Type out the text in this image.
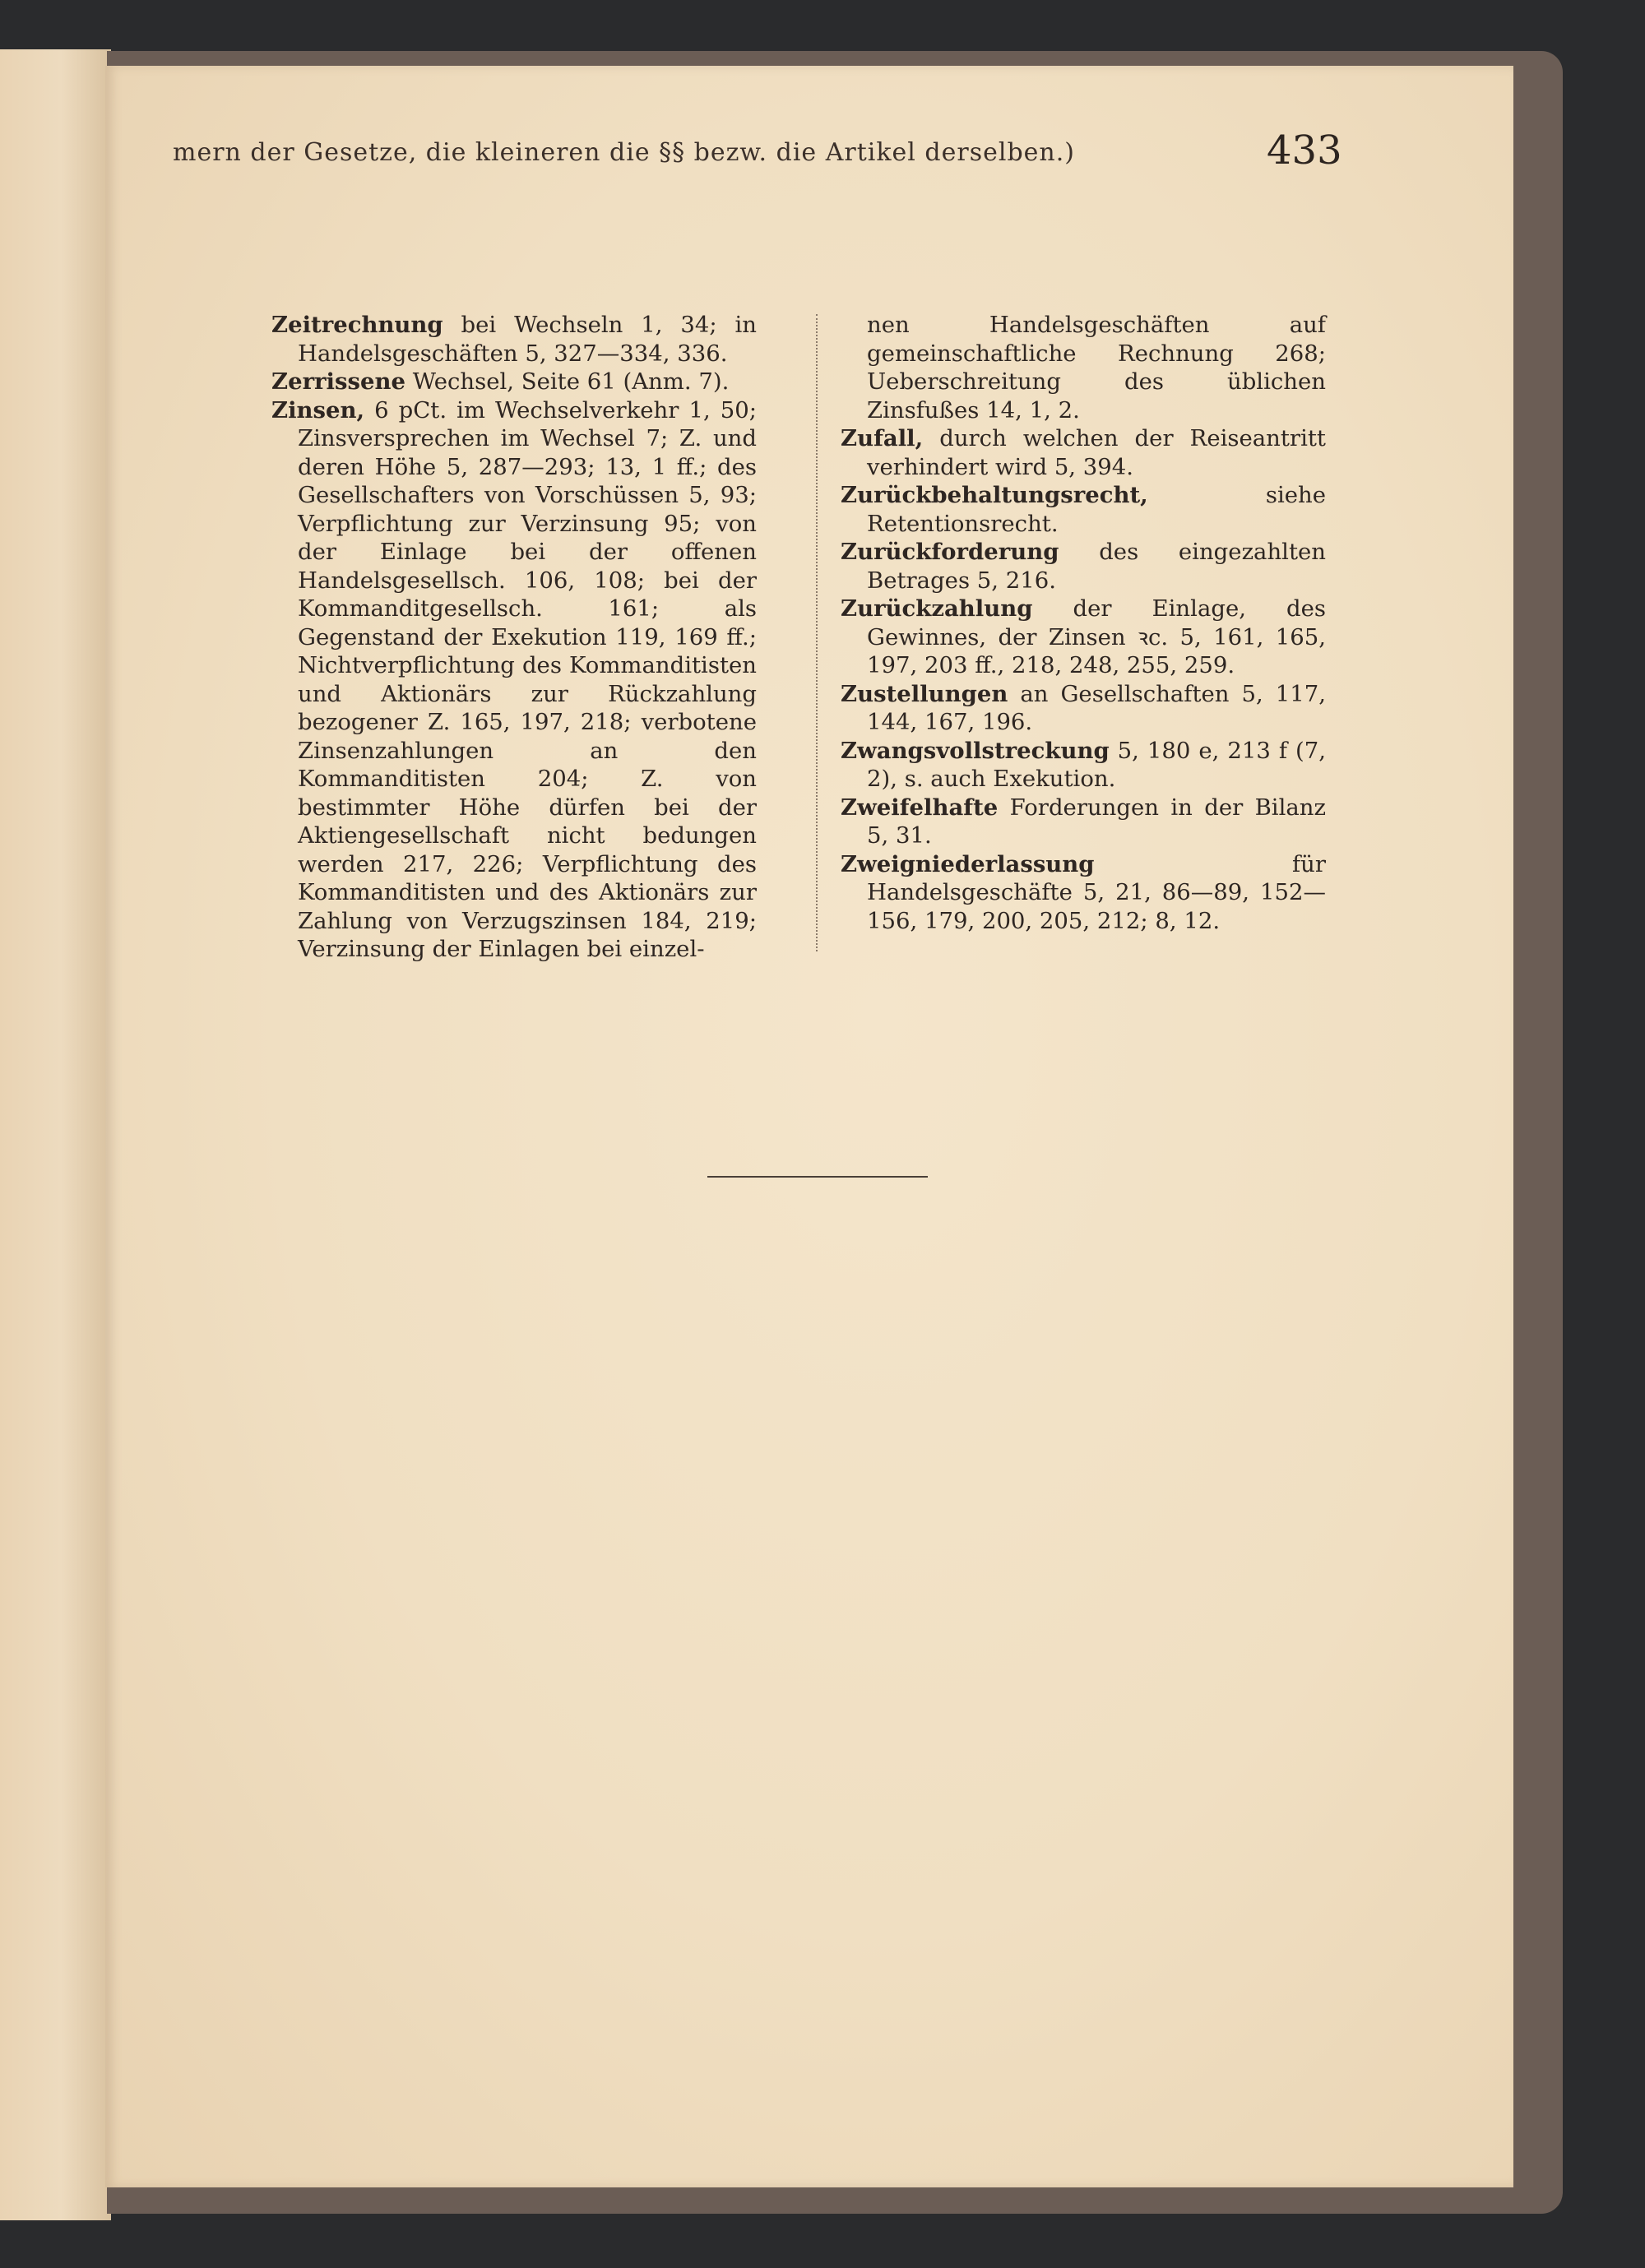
mern der Gesetze, die kleineren die §§ bezw. die Artikel derselben.)	433

Zeitrechnung bei Wechseln 1, 34; in Handelsgeschäften 5, 327—334, 336.

Zerrissene Wechsel, Seite 61 (Anm. 7).

Zinsen, 6 pCt. im Wechselverkehr 1, 50; Zinsversprechen im Wechsel 7; Z. und deren Höhe 5, 287—293; 13, 1 ff.; des Gesellschafters von Vorschüssen 5, 93; Verpflichtung zur Verzinsung 95; von der Einlage bei der offenen Handelsgesellsch. 106, 108; bei der Kommanditgesellsch. 161; als Gegenstand der Exekution 119, 169 ff.; Nichtverpflichtung des Kommanditisten und Aktionärs zur Rückzahlung bezogener Z. 165, 197, 218; verbotene Zinsenzahlungen an den Kommanditisten 204; Z. von bestimmter Höhe dürfen bei der Aktiengesellschaft nicht bedungen werden 217, 226; Verpflichtung des Kommanditisten und des Aktionärs zur Zahlung von Verzugszinsen 184, 219; Verzinsung der Einlagen bei einzel-

nen Handelsgeschäften auf gemeinschaftliche Rechnung 268; Ueberschreitung des üblichen Zinsfußes 14, 1, 2.

Zufall, durch welchen der Reiseantritt verhindert wird 5, 394.

Zurückbehaltungsrecht,	siehe Retentionsrecht.

Zurückforderung des eingezahlten Betrages 5, 216.

Zurückzahlung der Einlage, des Gewinnes, der Zinsen ꝛc. 5, 161, 165, 197, 203 ff., 218, 248, 255, 259.

Zustellungen an Gesellschaften 5, 117, 144, 167, 196.

Zwangsvollstreckung 5, 180 e, 213 f (7, 2), s. auch Exekution.

Zweifelhafte Forderungen in der Bilanz 5, 31.

Zweigniederlassung	für Handelsgeschäfte 5, 21, 86—89, 152—156, 179, 200, 205, 212; 8, 12.
